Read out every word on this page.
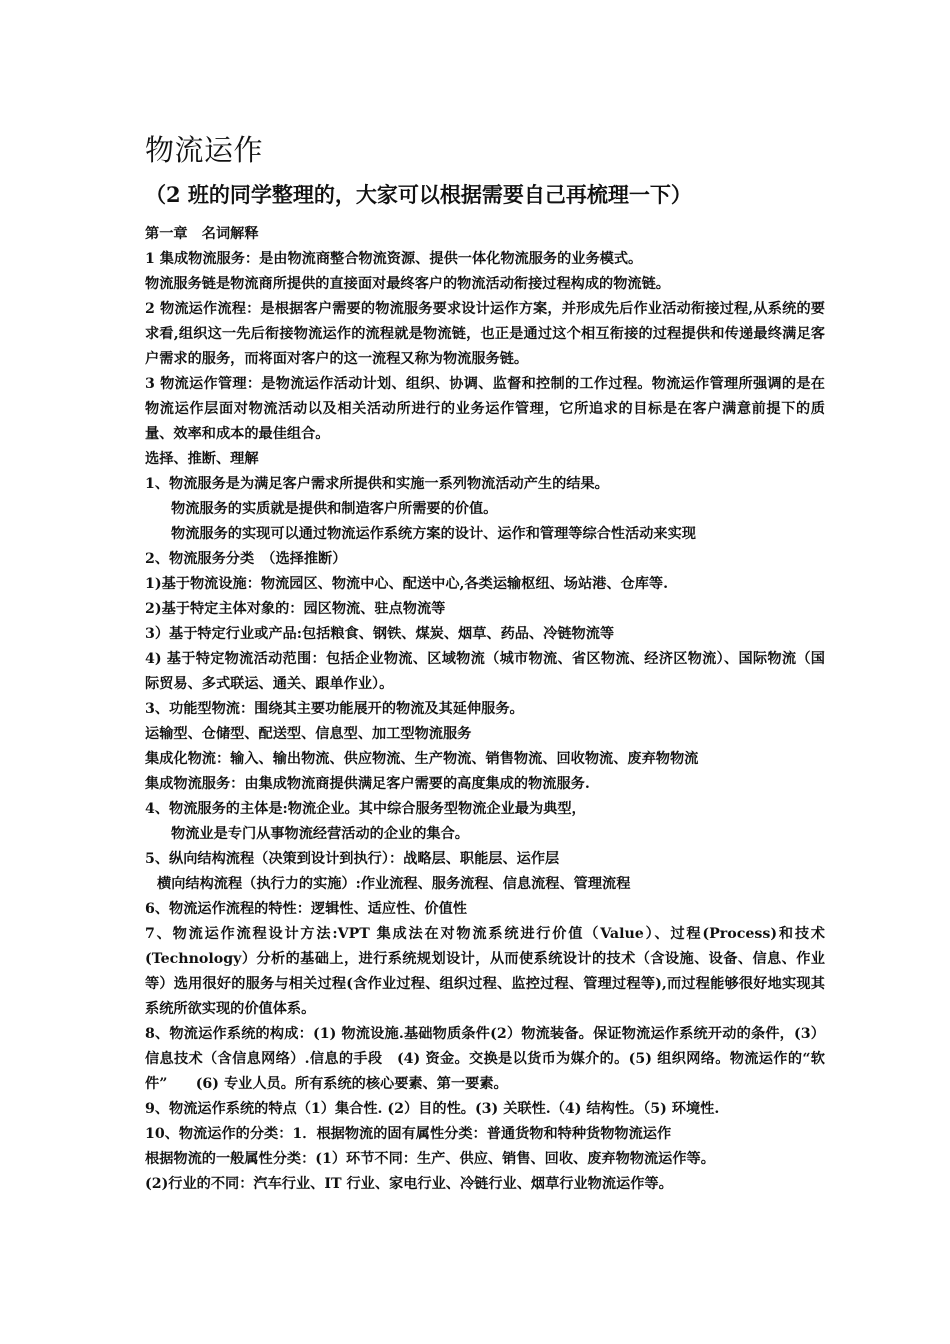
物流运作
（2 班的同学整理的，大家可以根据需要自己再梳理一下）

第一章　名词解释

1 集成物流服务：是由物流商整合物流资源、提供一体化物流服务的业务模式。

物流服务链是物流商所提供的直接面对最终客户的物流活动衔接过程构成的物流链。

2 物流运作流程：是根据客户需要的物流服务要求设计运作方案，并形成先后作业活动衔接过程,从系统的要求看,组织这一先后衔接物流运作的流程就是物流链，也正是通过这个相互衔接的过程提供和传递最终满足客户需求的服务，而将面对客户的这一流程又称为物流服务链。

3 物流运作管理：是物流运作活动计划、组织、协调、监督和控制的工作过程。物流运作管理所强调的是在物流运作层面对物流活动以及相关活动所进行的业务运作管理，它所追求的目标是在客户满意前提下的质量、效率和成本的最佳组合。

选择、推断、理解

1、物流服务是为满足客户需求所提供和实施一系列物流活动产生的结果。

物流服务的实质就是提供和制造客户所需要的价值。

物流服务的实现可以通过物流运作系统方案的设计、运作和管理等综合性活动来实现

2、物流服务分类　（选择推断）

1)基于物流设施：物流园区、物流中心、配送中心,各类运输枢纽、场站港、仓库等.

2)基于特定主体对象的：园区物流、驻点物流等

3）基于特定行业或产品:包括粮食、钢铁、煤炭、烟草、药品、冷链物流等

4) 基于特定物流活动范围：包括企业物流、区域物流（城市物流、省区物流、经济区物流）、国际物流（国际贸易、多式联运、通关、跟单作业）。

3、功能型物流：围绕其主要功能展开的物流及其延伸服务。

运输型、仓储型、配送型、信息型、加工型物流服务

集成化物流：输入、输出物流、供应物流、生产物流、销售物流、回收物流、废弃物物流

集成物流服务：由集成物流商提供满足客户需要的高度集成的物流服务.

4、物流服务的主体是:物流企业。其中综合服务型物流企业最为典型，

物流业是专门从事物流经营活动的企业的集合。

5、纵向结构流程（决策到设计到执行）：战略层、职能层、运作层

横向结构流程（执行力的实施）:作业流程、服务流程、信息流程、管理流程

6、物流运作流程的特性：逻辑性、适应性、价值性

7、物流运作流程设计方法:VPT 集成法在对物流系统进行价值（Value）、过程(Process)和技术(Technology）分析的基础上，进行系统规划设计，从而使系统设计的技术（含设施、设备、信息、作业等）选用很好的服务与相关过程(含作业过程、组织过程、监控过程、管理过程等),而过程能够很好地实现其系统所欲实现的价值体系。

8、物流运作系统的构成：(1) 物流设施.基础物质条件(2）物流装备。保证物流运作系统开动的条件，(3）信息技术（含信息网络）.信息的手段　(4) 资金。交换是以货币为媒介的。(5) 组织网络。物流运作的“软件”　　(6) 专业人员。所有系统的核心要素、第一要素。

9、物流运作系统的特点（1）集合性. (2）目的性。(3) 关联性.（4) 结构性。（5) 环境性.

10、物流运作的分类：1．根据物流的固有属性分类：普通货物和特种货物物流运作

根据物流的一般属性分类：(1）环节不同：生产、供应、销售、回收、废弃物物流运作等。

(2)行业的不同：汽车行业、IT 行业、家电行业、冷链行业、烟草行业物流运作等。
